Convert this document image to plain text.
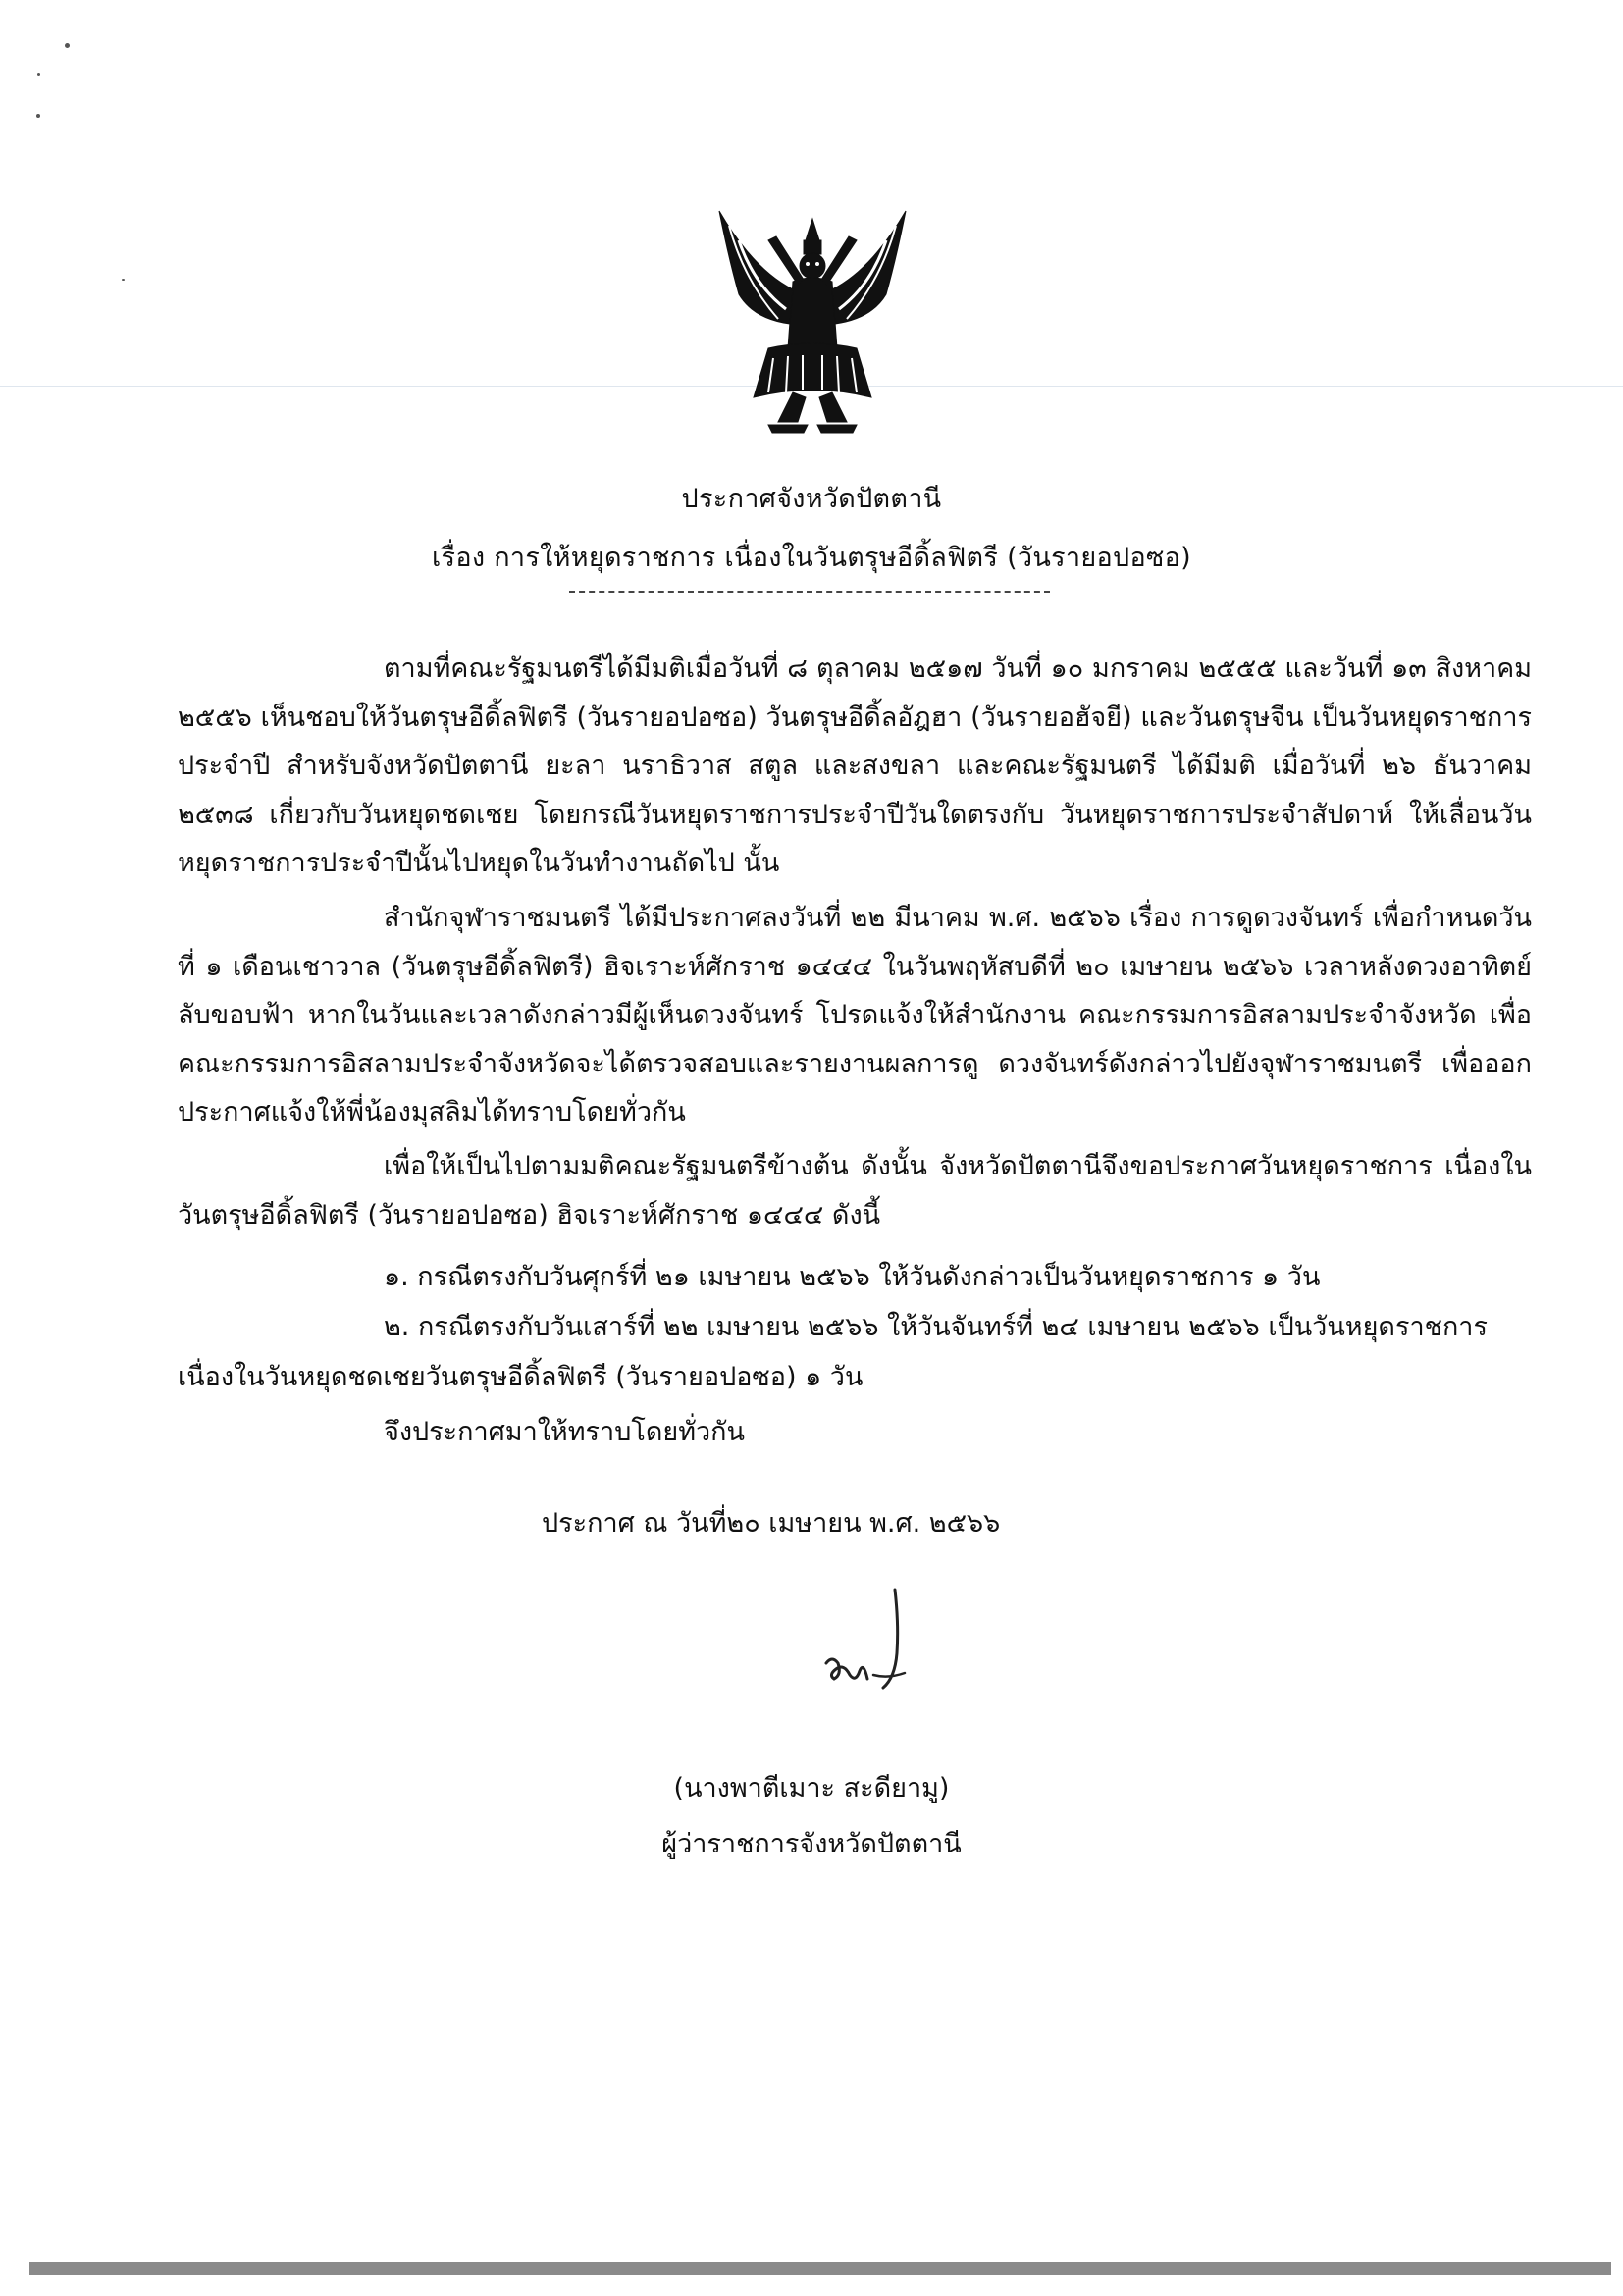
ประกาศจังหวัดปัตตานี
เรื่อง การให้หยุดราชการ เนื่องในวันตรุษอีดิ้ลฟิตรี (วันรายอปอซอ)
ตามที่คณะรัฐมนตรีได้มีมติเมื่อวันที่ ๘ ตุลาคม ๒๕๑๗ วันที่ ๑๐ มกราคม ๒๕๕๕ และวันที่ ๑๓ สิงหาคม ๒๕๕๖ เห็นชอบให้วันตรุษอีดิ้ลฟิตรี (วันรายอปอซอ) วันตรุษอีดิ้ลอัฎฮา (วันรายอฮัจยี) และวันตรุษจีน เป็นวันหยุดราชการประจำปี สำหรับจังหวัดปัตตานี ยะลา นราธิวาส สตูล และสงขลา และคณะรัฐมนตรี ได้มีมติ เมื่อวันที่ ๒๖ ธันวาคม ๒๕๓๘ เกี่ยวกับวันหยุดชดเชย โดยกรณีวันหยุดราชการประจำปีวันใดตรงกับ วันหยุดราชการประจำสัปดาห์ ให้เลื่อนวันหยุดราชการประจำปีนั้นไปหยุดในวันทำงานถัดไป นั้น
สำนักจุฬาราชมนตรี ได้มีประกาศลงวันที่ ๒๒ มีนาคม พ.ศ. ๒๕๖๖ เรื่อง การดูดวงจันทร์ เพื่อกำหนดวันที่ ๑ เดือนเชาวาล (วันตรุษอีดิ้ลฟิตรี) ฮิจเราะห์ศักราช ๑๔๔๔ ในวันพฤหัสบดีที่ ๒๐ เมษายน ๒๕๖๖ เวลาหลังดวงอาทิตย์ลับขอบฟ้า หากในวันและเวลาดังกล่าวมีผู้เห็นดวงจันทร์ โปรดแจ้งให้สำนักงาน คณะกรรมการอิสลามประจำจังหวัด เพื่อคณะกรรมการอิสลามประจำจังหวัดจะได้ตรวจสอบและรายงานผลการดู ดวงจันทร์ดังกล่าวไปยังจุฬาราชมนตรี เพื่อออกประกาศแจ้งให้พี่น้องมุสลิมได้ทราบโดยทั่วกัน
เพื่อให้เป็นไปตามมติคณะรัฐมนตรีข้างต้น ดังนั้น จังหวัดปัตตานีจึงขอประกาศวันหยุดราชการ เนื่องในวันตรุษอีดิ้ลฟิตรี (วันรายอปอซอ) ฮิจเราะห์ศักราช ๑๔๔๔ ดังนี้
๑. กรณีตรงกับวันศุกร์ที่ ๒๑ เมษายน ๒๕๖๖ ให้วันดังกล่าวเป็นวันหยุดราชการ ๑ วัน
๒. กรณีตรงกับวันเสาร์ที่ ๒๒ เมษายน ๒๕๖๖ ให้วันจันทร์ที่ ๒๔ เมษายน ๒๕๖๖ เป็นวันหยุดราชการ
เนื่องในวันหยุดชดเชยวันตรุษอีดิ้ลฟิตรี (วันรายอปอซอ) ๑ วัน
จึงประกาศมาให้ทราบโดยทั่วกัน
ประกาศ ณ วันที่๒๐ เมษายน พ.ศ. ๒๕๖๖
(นางพาตีเมาะ สะดียามู)
ผู้ว่าราชการจังหวัดปัตตานี
